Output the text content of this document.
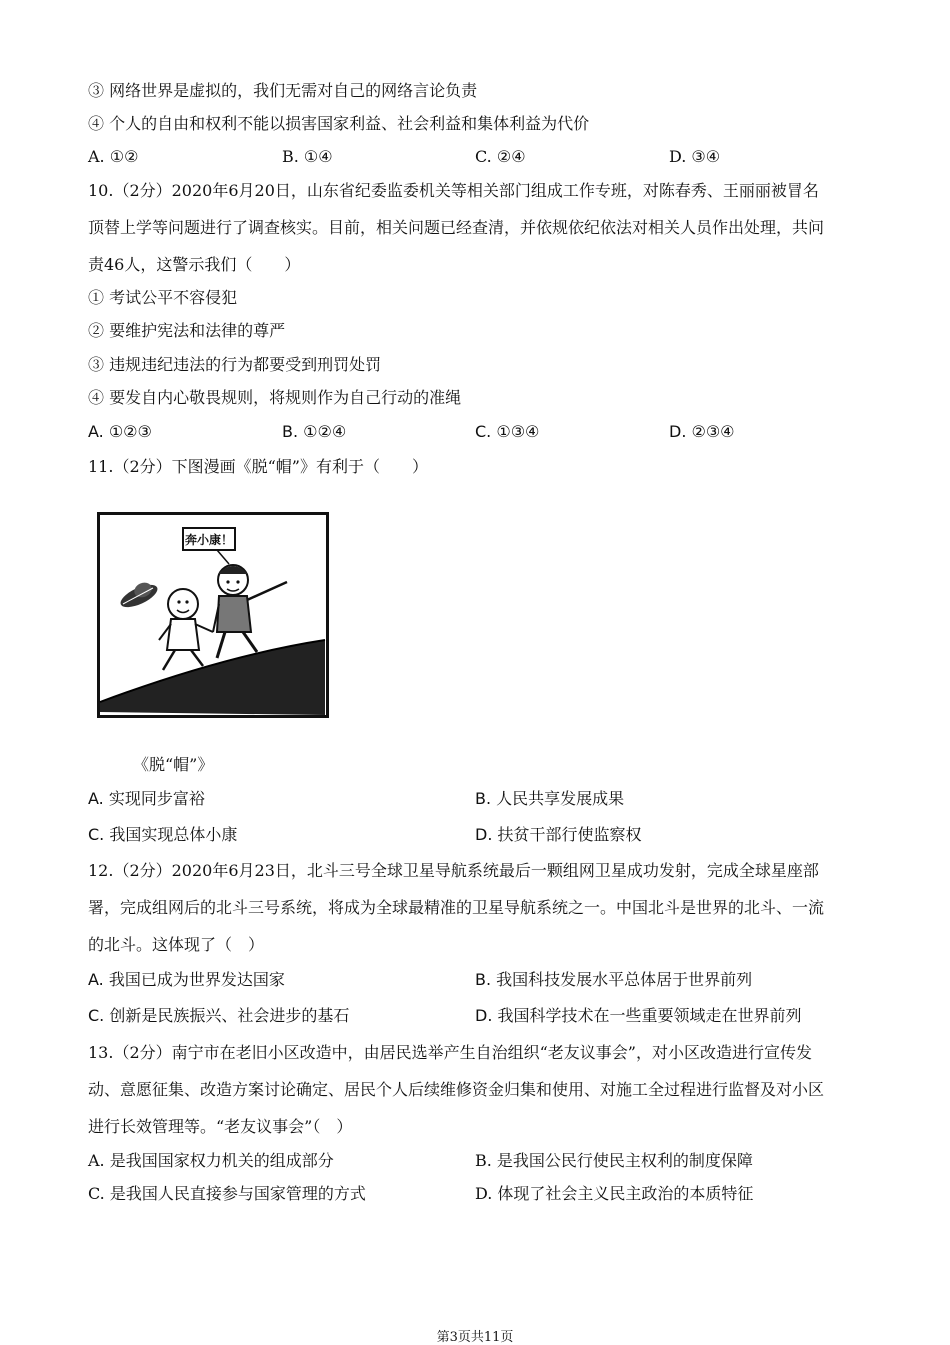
③ 网络世界是虚拟的，我们无需对自己的网络言论负责
④ 个人的自由和权利不能以损害国家利益、社会利益和集体利益为代价
A. ①②	B. ①④	C. ②④	D. ③④
10.（2分）2020年6月20日，山东省纪委监委机关等相关部门组成工作专班，对陈春秀、王丽丽被冒名
顶替上学等问题进行了调查核实。目前，相关问题已经查清，并依规依纪依法对相关人员作出处理，共问
责46人，这警示我们（　　）
① 考试公平不容侵犯
② 要维护宪法和法律的尊严
③ 违规违纪违法的行为都要受到刑罚处罚
④ 要发自内心敬畏规则，将规则作为自己行动的准绳
A. ①②③	B. ①②④	C. ①③④	D. ②③④
11.（2分）下图漫画《脱“帽”》有利于（　　）
奔小康！
《脱“帽”》
A. 实现同步富裕	B. 人民共享发展成果
C. 我国实现总体小康	D. 扶贫干部行使监察权
12.（2分）2020年6月23日，北斗三号全球卫星导航系统最后一颗组网卫星成功发射，完成全球星座部
署，完成组网后的北斗三号系统，将成为全球最精准的卫星导航系统之一。中国北斗是世界的北斗、一流
的北斗。这体现了（　）
A. 我国已成为世界发达国家	B. 我国科技发展水平总体居于世界前列
C. 创新是民族振兴、社会进步的基石	D. 我国科学技术在一些重要领域走在世界前列
13.（2分）南宁市在老旧小区改造中，由居民选举产生自治组织“老友议事会”，对小区改造进行宣传发
动、意愿征集、改造方案讨论确定、居民个人后续维修资金归集和使用、对施工全过程进行监督及对小区
进行长效管理等。“老友议事会”（　）
A. 是我国国家权力机关的组成部分	B. 是我国公民行使民主权利的制度保障
C. 是我国人民直接参与国家管理的方式	D. 体现了社会主义民主政治的本质特征
第3页共11页
